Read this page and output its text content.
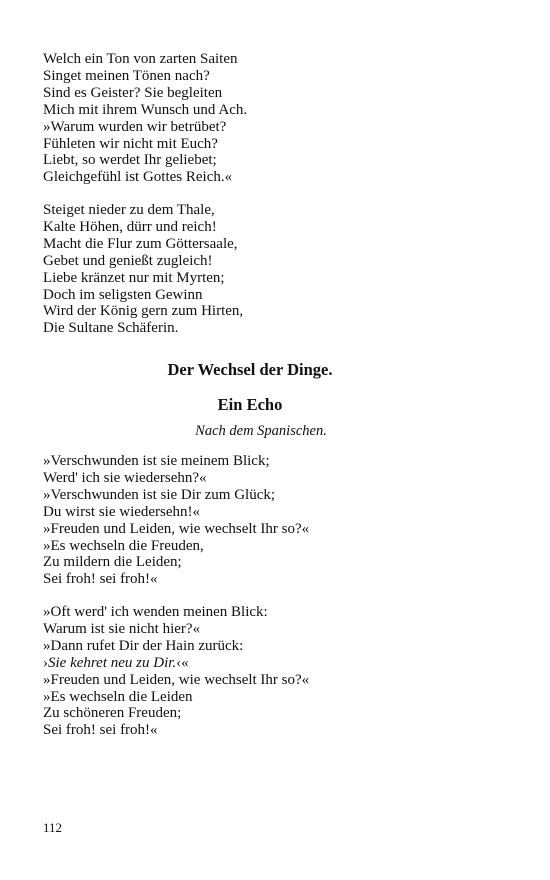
Welch ein Ton von zarten Saiten
Singet meinen Tönen nach?
Sind es Geister? Sie begleiten
Mich mit ihrem Wunsch und Ach.
»Warum wurden wir betrübet?
Fühleten wir nicht mit Euch?
Liebt, so werdet Ihr geliebet;
Gleichgefühl ist Gottes Reich.«
Steiget nieder zu dem Thale,
Kalte Höhen, dürr und reich!
Macht die Flur zum Göttersaale,
Gebet und genießt zugleich!
Liebe kränzet nur mit Myrten;
Doch im seligsten Gewinn
Wird der König gern zum Hirten,
Die Sultane Schäferin.
Der Wechsel der Dinge.
Ein Echo
Nach dem Spanischen.
»Verschwunden ist sie meinem Blick;
Werd' ich sie wiedersehn?«
»Verschwunden ist sie Dir zum Glück;
Du wirst sie wiedersehn!«
»Freuden und Leiden, wie wechselt Ihr so?«
»Es wechseln die Freuden,
Zu mildern die Leiden;
Sei froh! sei froh!«
»Oft werd' ich wenden meinen Blick:
Warum ist sie nicht hier?«
»Dann rufet Dir der Hain zurück:
›Sie kehret neu zu Dir.‹«
»Freuden und Leiden, wie wechselt Ihr so?«
»Es wechseln die Leiden
Zu schöneren Freuden;
Sei froh! sei froh!«
112
